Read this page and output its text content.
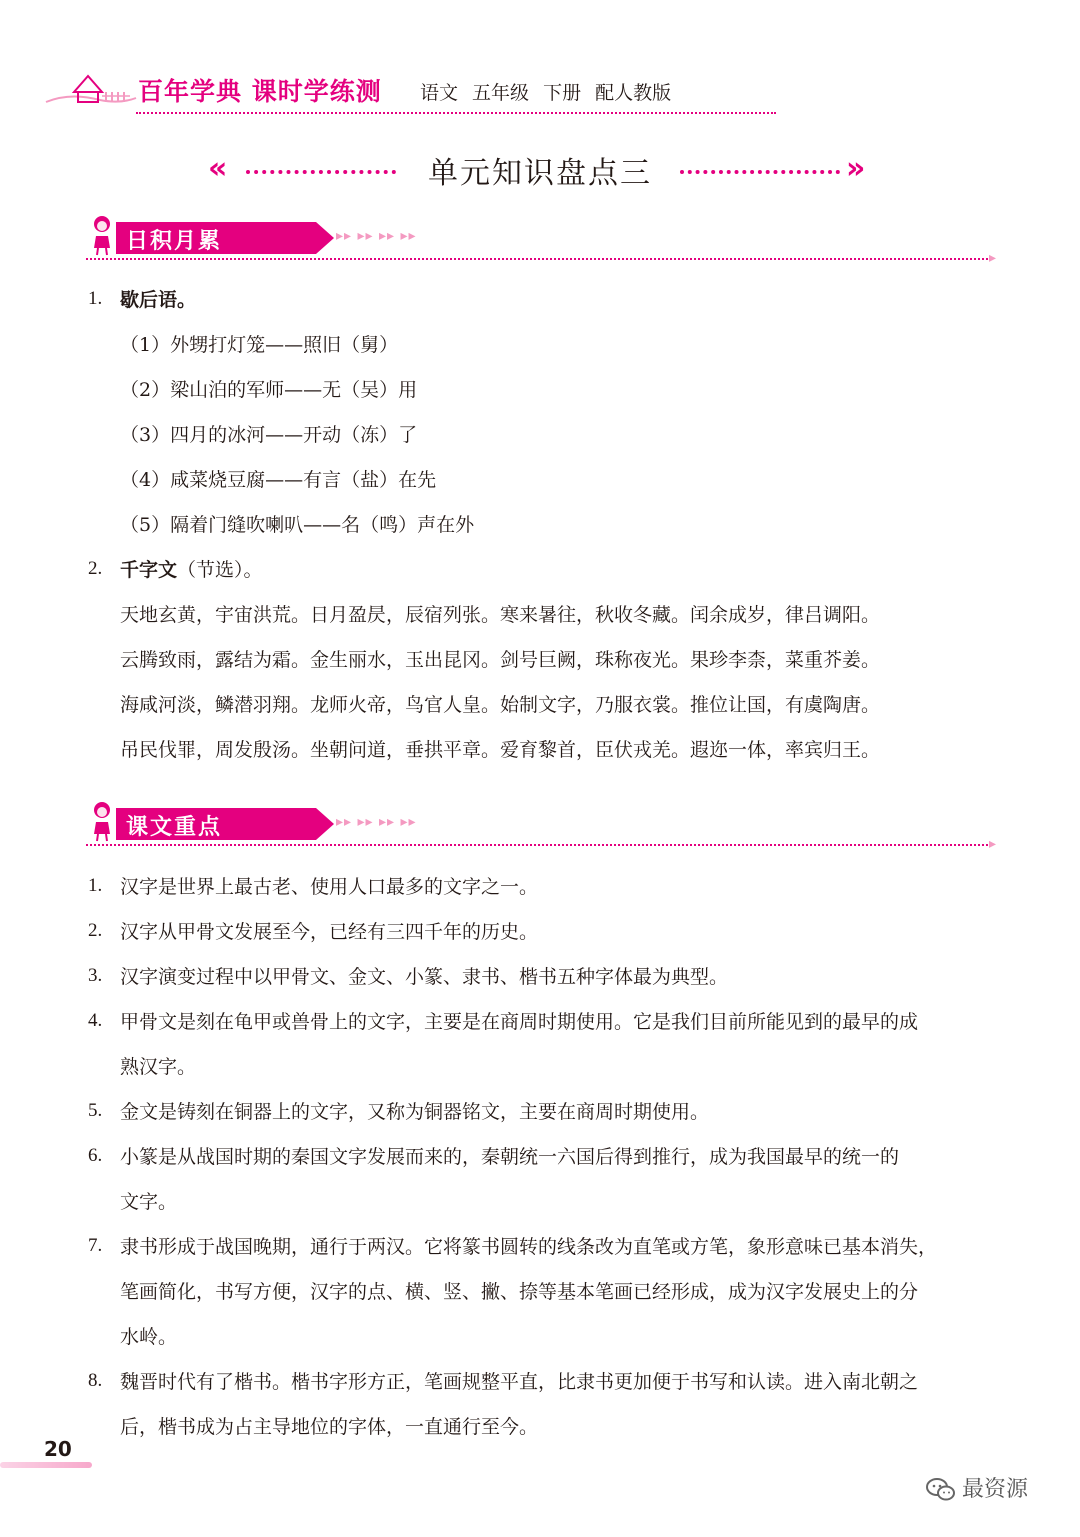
百年学典 课时学练测 语文 五年级 下册 配人教版
«	单元知识盘点三	»
日积月累	▸▸ ▸▸ ▸▸ ▸▸
▸
1. 歇后语。
（1）外甥打灯笼——照旧（舅）
（2）梁山泊的军师——无（吴）用
（3）四月的冰河——开动（冻）了
（4）咸菜烧豆腐——有言（盐）在先
（5）隔着门缝吹喇叭——名（鸣）声在外
2. 千字文（节选）。
天地玄黄，宇宙洪荒。日月盈昃，辰宿列张。寒来暑往，秋收冬藏。闰余成岁，律吕调阳。
云腾致雨，露结为霜。金生丽水，玉出昆冈。剑号巨阙，珠称夜光。果珍李柰，菜重芥姜。
海咸河淡，鳞潜羽翔。龙师火帝，鸟官人皇。始制文字，乃服衣裳。推位让国，有虞陶唐。
吊民伐罪，周发殷汤。坐朝问道，垂拱平章。爱育黎首，臣伏戎羌。遐迩一体，率宾归王。
课文重点	▸▸ ▸▸ ▸▸ ▸▸
▸
1. 汉字是世界上最古老、使用人口最多的文字之一。
2. 汉字从甲骨文发展至今，已经有三四千年的历史。
3. 汉字演变过程中以甲骨文、金文、小篆、隶书、楷书五种字体最为典型。
4. 甲骨文是刻在龟甲或兽骨上的文字，主要是在商周时期使用。它是我们目前所能见到的最早的成
熟汉字。
5. 金文是铸刻在铜器上的文字，又称为铜器铭文，主要在商周时期使用。
6. 小篆是从战国时期的秦国文字发展而来的，秦朝统一六国后得到推行，成为我国最早的统一的
文字。
7. 隶书形成于战国晚期，通行于两汉。它将篆书圆转的线条改为直笔或方笔，象形意味已基本消失，
笔画简化，书写方便，汉字的点、横、竖、撇、捺等基本笔画已经形成，成为汉字发展史上的分
水岭。
8. 魏晋时代有了楷书。楷书字形方正，笔画规整平直，比隶书更加便于书写和认读。进入南北朝之
后，楷书成为占主导地位的字体，一直通行至今。
20
最资源
